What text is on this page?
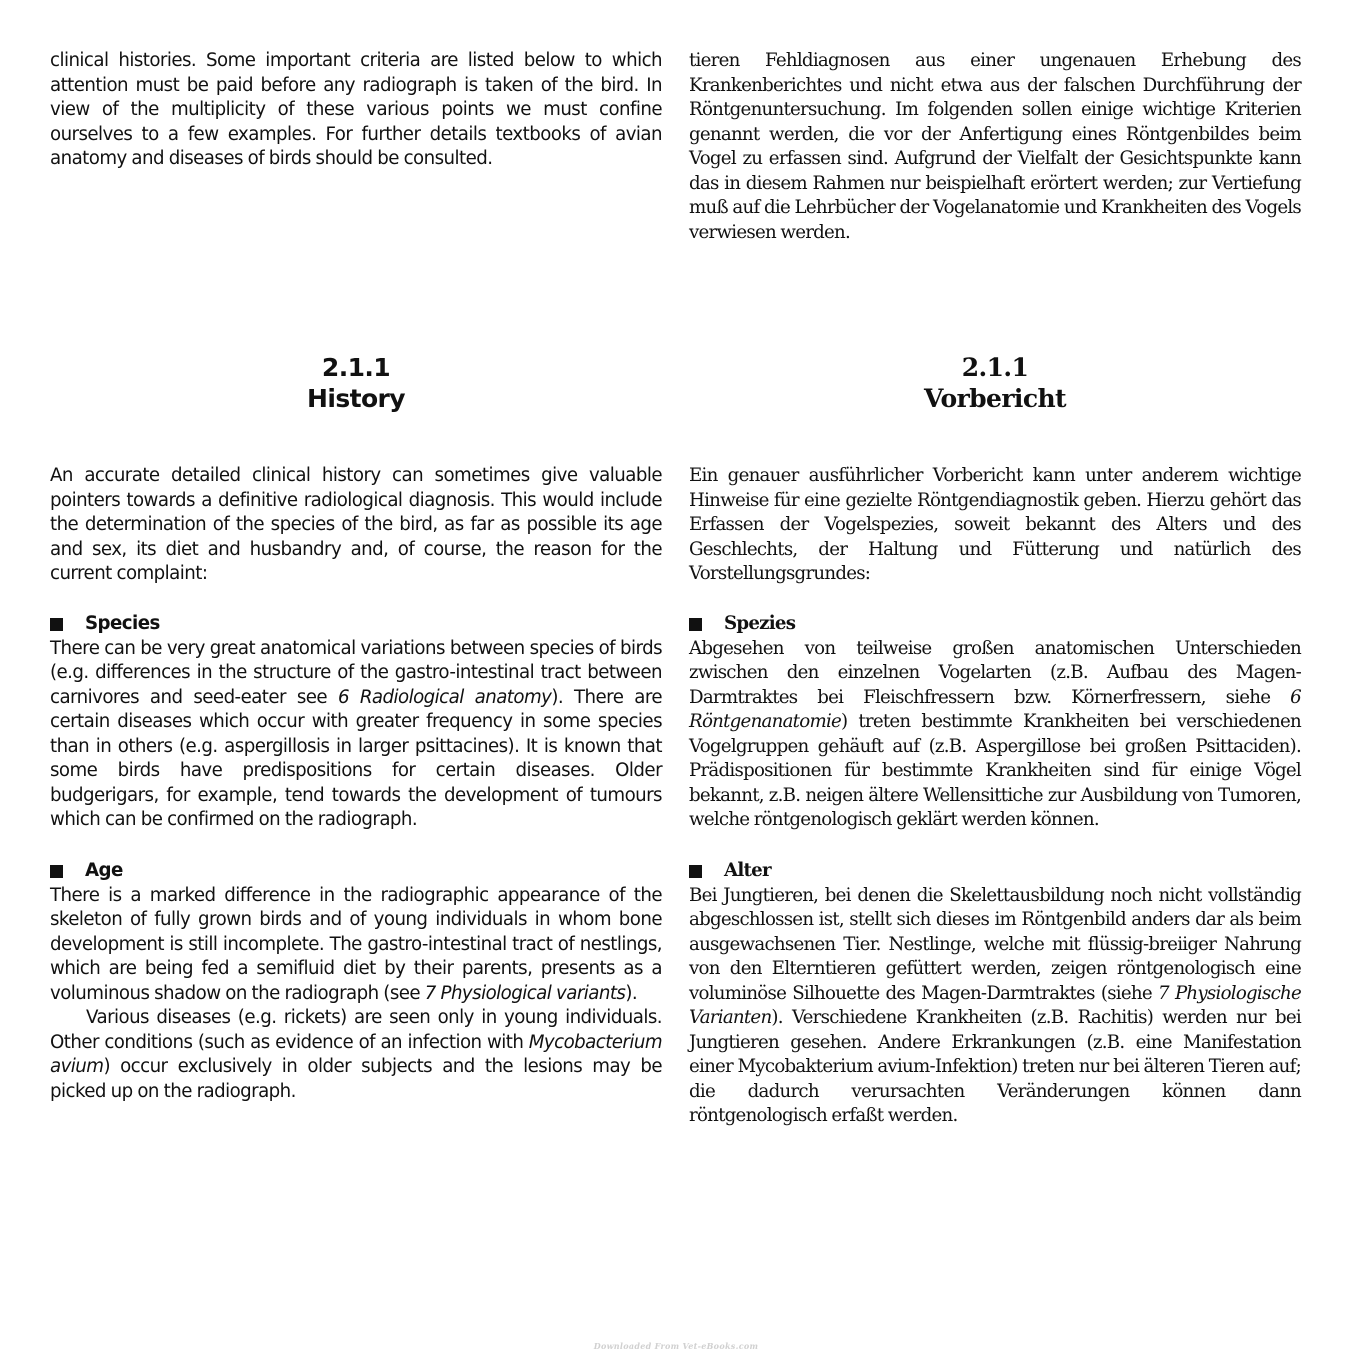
clinical histories. Some important criteria are listed below to which attention must be paid before any radiograph is taken of the bird. In view of the multiplicity of these various points we must confine ourselves to a few examples. For further details textbooks of avian anatomy and diseases of birds should be consulted.

2.1.1
History

An accurate detailed clinical history can sometimes give valuable pointers towards a definitive radiological diagnosis. This would include the determination of the species of the bird, as far as possible its age and sex, its diet and husbandry and, of course, the reason for the current complaint:

Species

There can be very great anatomical variations between species of birds (e.g. differences in the structure of the gastro-intestinal tract between carnivores and seed-eater see 6 Radiological anatomy). There are certain diseases which occur with greater frequency in some species than in others (e.g. aspergillosis in larger psittacines). It is known that some birds have predispositions for certain diseases. Older budgerigars, for example, tend towards the development of tumours which can be confirmed on the radiograph.

Age

There is a marked difference in the radiographic appearance of the skeleton of fully grown birds and of young individuals in whom bone development is still incomplete. The gastro-intestinal tract of nestlings, which are being fed a semifluid diet by their parents, presents as a voluminous shadow on the radiograph (see 7 Physiological variants).

Various diseases (e.g. rickets) are seen only in young individuals. Other conditions (such as evidence of an infection with Mycobacterium avium) occur exclusively in older subjects and the lesions may be picked up on the radiograph.

tieren Fehldiagnosen aus einer ungenauen Erhebung des Krankenberichtes und nicht etwa aus der falschen Durchführung der Röntgenuntersuchung. Im folgenden sollen einige wichtige Kriterien genannt werden, die vor der Anfertigung eines Röntgenbildes beim Vogel zu erfassen sind. Aufgrund der Vielfalt der Gesichtspunkte kann das in diesem Rahmen nur beispielhaft erörtert werden; zur Vertiefung muß auf die Lehrbücher der Vogelanatomie und Krankheiten des Vogels verwiesen werden.

2.1.1
Vorbericht

Ein genauer ausführlicher Vorbericht kann unter anderem wichtige Hinweise für eine gezielte Röntgendiagnostik geben. Hierzu gehört das Erfassen der Vogelspezies, soweit bekannt des Alters und des Geschlechts, der Haltung und Fütterung und natürlich des Vorstellungsgrundes:

Spezies

Abgesehen von teilweise großen anatomischen Unterschieden zwischen den einzelnen Vogelarten (z.B. Aufbau des Magen-Darmtraktes bei Fleischfressern bzw. Körnerfressern, siehe 6 Röntgenanatomie) treten bestimmte Krankheiten bei verschiedenen Vogelgruppen gehäuft auf (z.B. Aspergillose bei großen Psittaciden). Prädispositionen für bestimmte Krankheiten sind für einige Vögel bekannt, z.B. neigen ältere Wellensittiche zur Ausbildung von Tumoren, welche röntgenologisch geklärt werden können.

Alter

Bei Jungtieren, bei denen die Skelettausbildung noch nicht vollständig abgeschlossen ist, stellt sich dieses im Röntgenbild anders dar als beim ausgewachsenen Tier. Nestlinge, welche mit flüssig-breiiger Nahrung von den Elterntieren gefüttert werden, zeigen röntgenologisch eine voluminöse Silhouette des Magen-Darmtraktes (siehe 7 Physiologische Varianten). Verschiedene Krankheiten (z.B. Rachitis) werden nur bei Jungtieren gesehen. Andere Erkrankungen (z.B. eine Manifestation einer Mycobakterium avium-Infektion) treten nur bei älteren Tieren auf; die dadurch verursachten Veränderungen können dann röntgenologisch erfaßt werden.

Downloaded From Vet-eBooks.com
